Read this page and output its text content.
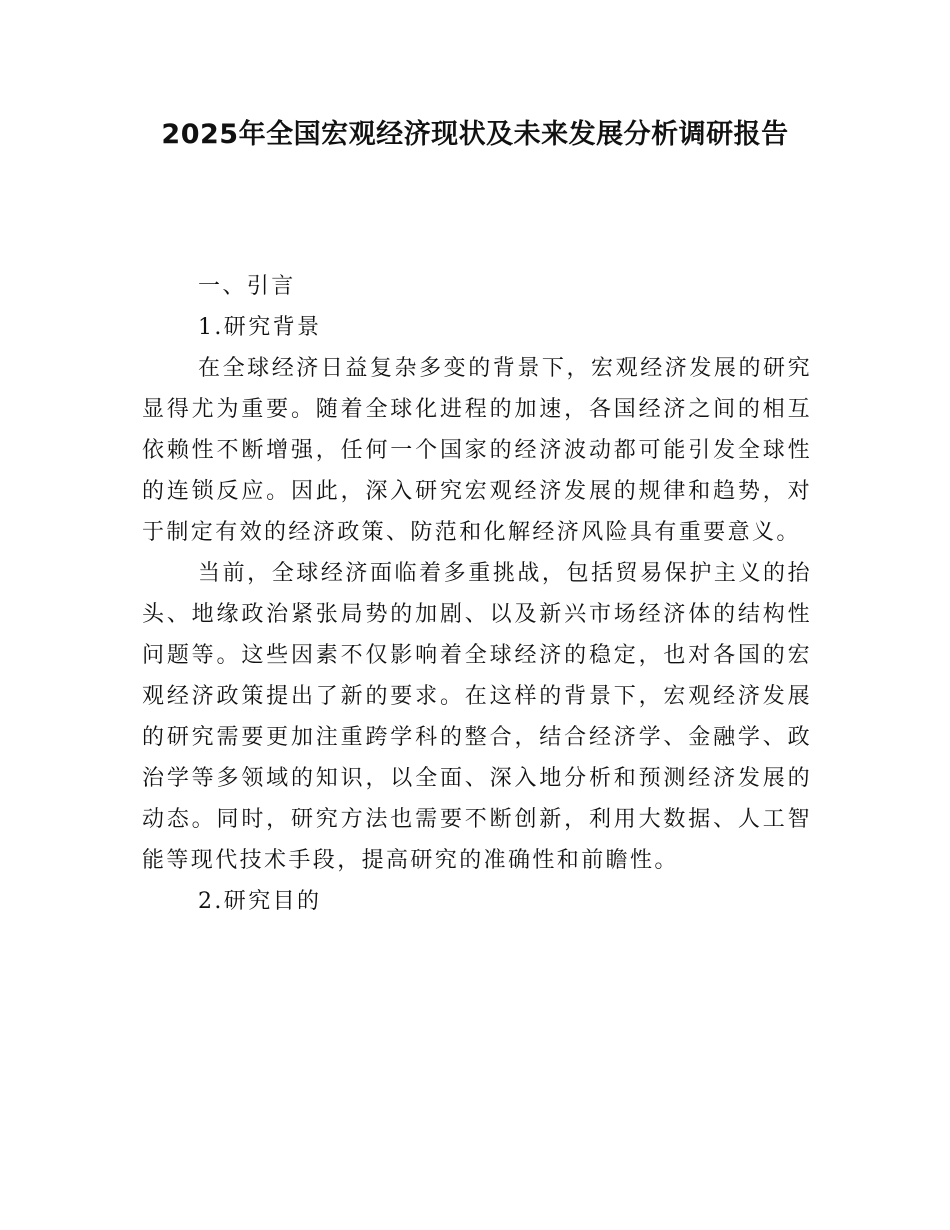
2025年全国宏观经济现状及未来发展分析调研报告

一、引言

1.研究背景

在全球经济日益复杂多变的背景下，宏观经济发展的研究显得尤为重要。随着全球化进程的加速，各国经济之间的相互依赖性不断增强，任何一个国家的经济波动都可能引发全球性的连锁反应。因此，深入研究宏观经济发展的规律和趋势，对于制定有效的经济政策、防范和化解经济风险具有重要意义。

当前，全球经济面临着多重挑战，包括贸易保护主义的抬头、地缘政治紧张局势的加剧、以及新兴市场经济体的结构性问题等。这些因素不仅影响着全球经济的稳定，也对各国的宏观经济政策提出了新的要求。在这样的背景下，宏观经济发展的研究需要更加注重跨学科的整合，结合经济学、金融学、政治学等多领域的知识，以全面、深入地分析和预测经济发展的动态。同时，研究方法也需要不断创新，利用大数据、人工智能等现代技术手段，提高研究的准确性和前瞻性。

2.研究目的
